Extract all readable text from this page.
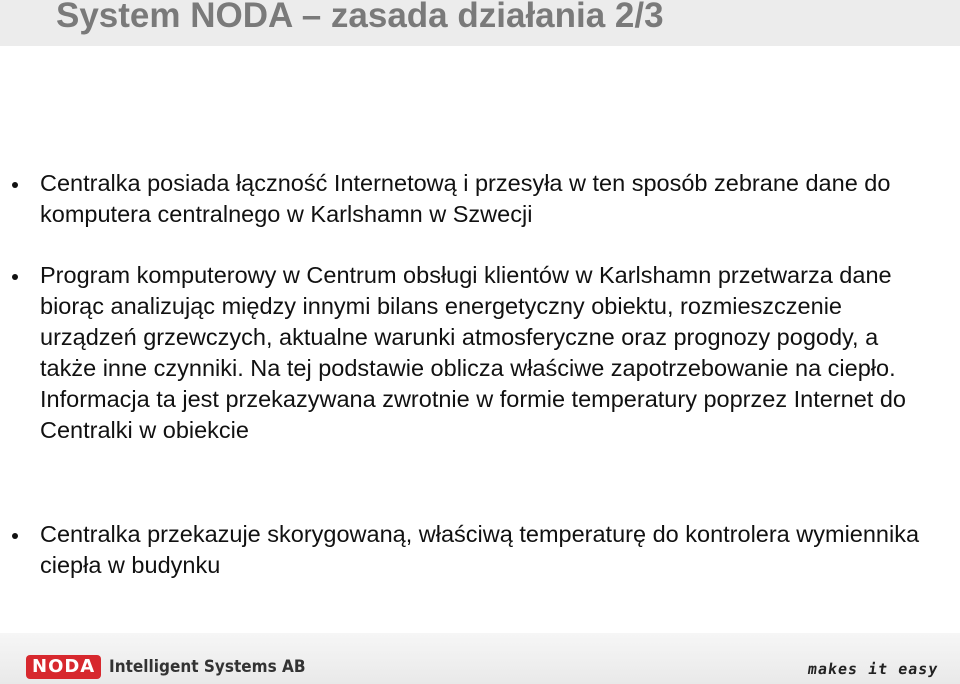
System NODA – zasada działania 2/3

Centralka posiada łączność Internetową i przesyła w ten sposób zebrane dane do komputera centralnego w Karlshamn w Szwecji

Program komputerowy w Centrum obsługi klientów w Karlshamn przetwarza dane biorąc analizując między innymi bilans energetyczny obiektu, rozmieszczenie urządzeń grzewczych, aktualne warunki atmosferyczne oraz prognozy pogody, a także inne czynniki. Na tej podstawie oblicza właściwe zapotrzebowanie na ciepło. Informacja ta jest przekazywana zwrotnie w formie temperatury poprzez Internet do Centralki w obiekcie

Centralka przekazuje skorygowaną, właściwą temperaturę do kontrolera wymiennika ciepła w budynku

NODA Intelligent Systems AB	makes it easy
